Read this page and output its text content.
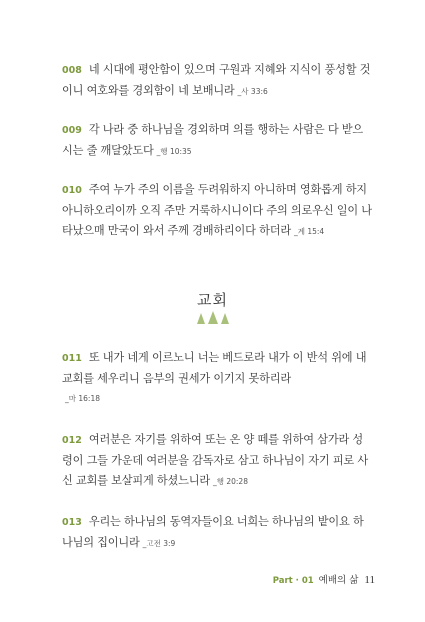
008 네 시대에 평안함이 있으며 구원과 지혜와 지식이 풍성할 것이니 여호와를 경외함이 네 보배니라 _사 33:6
009 각 나라 중 하나님을 경외하며 의를 행하는 사람은 다 받으시는 줄 깨달았도다 _행 10:35
010 주여 누가 주의 이름을 두려워하지 아니하며 영화롭게 하지 아니하오리이까 오직 주만 거룩하시니이다 주의 의로우신 일이 나타났으매 만국이 와서 주께 경배하리이다 하더라 _계 15:4
교회
011 또 내가 네게 이르노니 너는 베드로라 내가 이 반석 위에 내 교회를 세우리니 음부의 권세가 이기지 못하리라
_마 16:18
012 여러분은 자기를 위하여 또는 온 양 떼를 위하여 삼가라 성령이 그들 가운데 여러분을 감독자로 삼고 하나님이 자기 피로 사신 교회를 보살피게 하셨느니라 _행 20:28
013 우리는 하나님의 동역자들이요 너희는 하나님의 밭이요 하나님의 집이니라 _고전 3:9
Part · 01 예배의 삶 11
